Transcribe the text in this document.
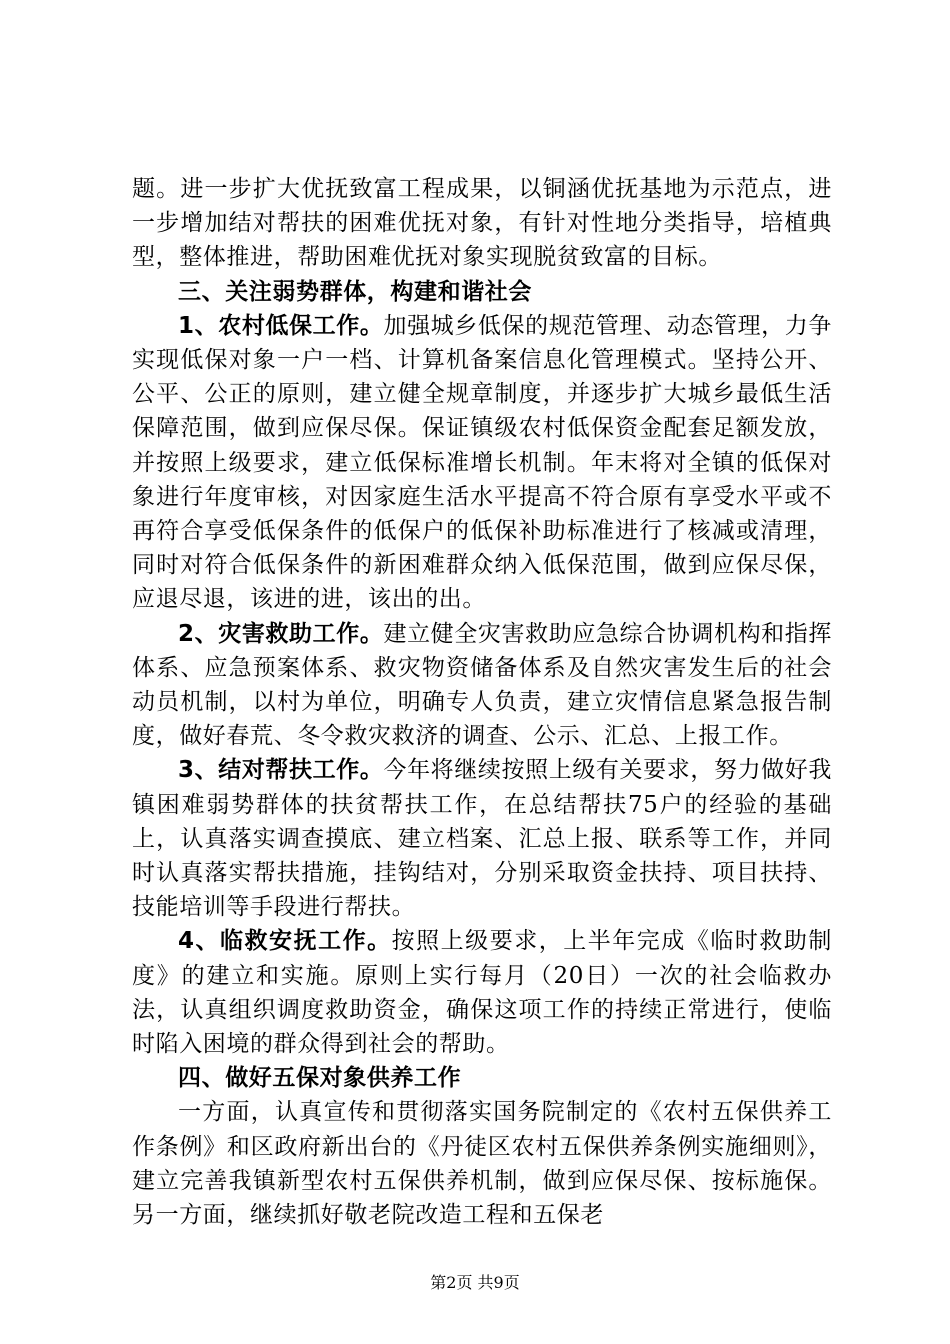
题。进一步扩大优抚致富工程成果，以铜涵优抚基地为示范点，进一步增加结对帮扶的困难优抚对象，有针对性地分类指导，培植典型，整体推进，帮助困难优抚对象实现脱贫致富的目标。

三、关注弱势群体，构建和谐社会

1、农村低保工作。加强城乡低保的规范管理、动态管理，力争实现低保对象一户一档、计算机备案信息化管理模式。坚持公开、公平、公正的原则，建立健全规章制度，并逐步扩大城乡最低生活保障范围，做到应保尽保。保证镇级农村低保资金配套足额发放，并按照上级要求，建立低保标准增长机制。年末将对全镇的低保对象进行年度审核，对因家庭生活水平提高不符合原有享受水平或不再符合享受低保条件的低保户的低保补助标准进行了核减或清理，同时对符合低保条件的新困难群众纳入低保范围，做到应保尽保，应退尽退，该进的进，该出的出。

2、灾害救助工作。建立健全灾害救助应急综合协调机构和指挥体系、应急预案体系、救灾物资储备体系及自然灾害发生后的社会动员机制，以村为单位，明确专人负责，建立灾情信息紧急报告制度，做好春荒、冬令救灾救济的调查、公示、汇总、上报工作。

3、结对帮扶工作。今年将继续按照上级有关要求，努力做好我镇困难弱势群体的扶贫帮扶工作，在总结帮扶75户的经验的基础上，认真落实调查摸底、建立档案、汇总上报、联系等工作，并同时认真落实帮扶措施，挂钩结对，分别采取资金扶持、项目扶持、技能培训等手段进行帮扶。

4、临救安抚工作。按照上级要求，上半年完成《临时救助制度》的建立和实施。原则上实行每月（20日）一次的社会临救办法，认真组织调度救助资金，确保这项工作的持续正常进行，使临时陷入困境的群众得到社会的帮助。

四、做好五保对象供养工作

一方面，认真宣传和贯彻落实国务院制定的《农村五保供养工作条例》和区政府新出台的《丹徒区农村五保供养条例实施细则》，建立完善我镇新型农村五保供养机制，做到应保尽保、按标施保。另一方面，继续抓好敬老院改造工程和五保老

第2页 共9页
